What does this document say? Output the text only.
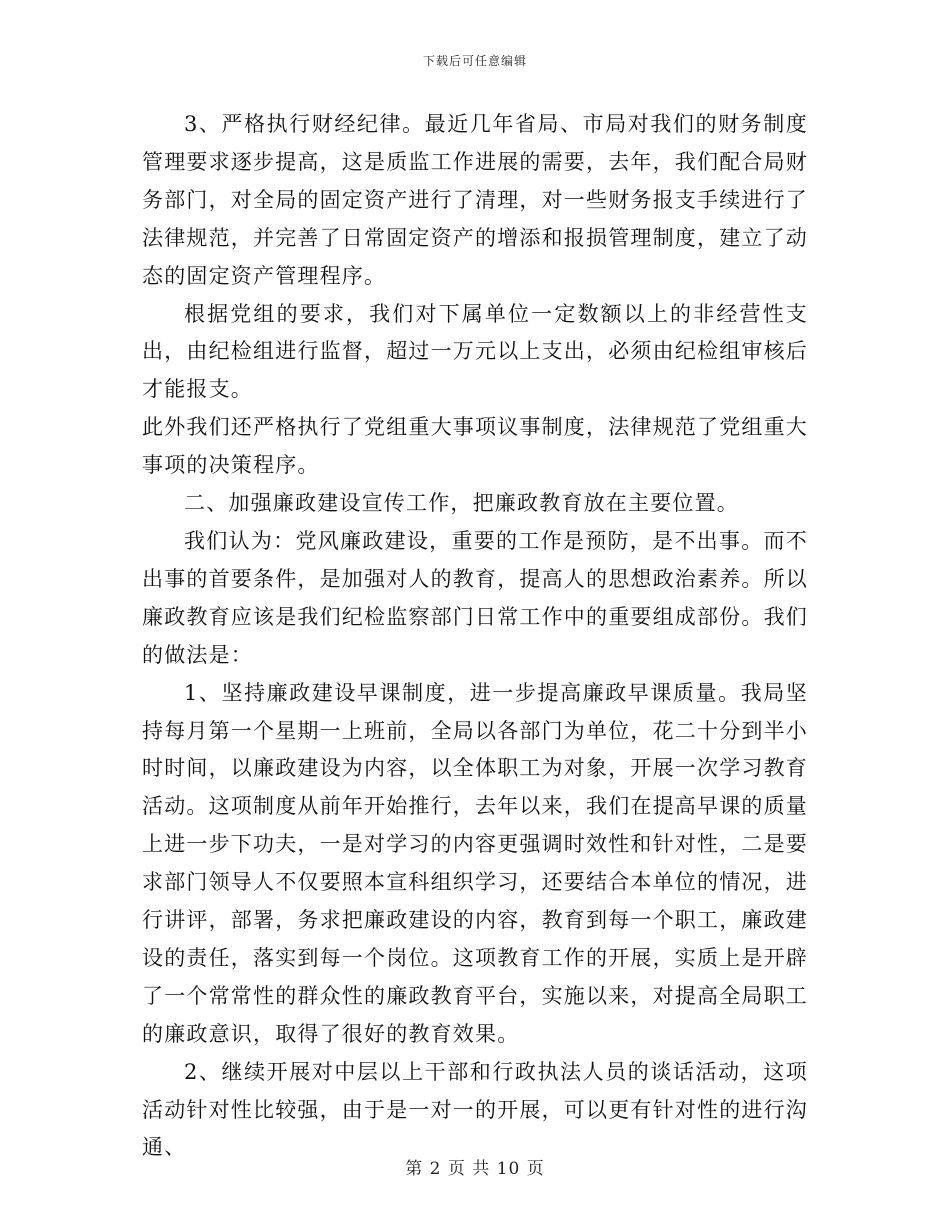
下载后可任意编辑

3、严格执行财经纪律。最近几年省局、市局对我们的财务制度管理要求逐步提高，这是质监工作进展的需要，去年，我们配合局财务部门，对全局的固定资产进行了清理，对一些财务报支手续进行了法律规范，并完善了日常固定资产的增添和报损管理制度，建立了动态的固定资产管理程序。

根据党组的要求，我们对下属单位一定数额以上的非经营性支出，由纪检组进行监督，超过一万元以上支出，必须由纪检组审核后才能报支。

此外我们还严格执行了党组重大事项议事制度，法律规范了党组重大事项的决策程序。

二、加强廉政建设宣传工作，把廉政教育放在主要位置。

我们认为：党风廉政建设，重要的工作是预防，是不出事。而不出事的首要条件，是加强对人的教育，提高人的思想政治素养。所以廉政教育应该是我们纪检监察部门日常工作中的重要组成部份。我们的做法是：

1、坚持廉政建设早课制度，进一步提高廉政早课质量。我局坚持每月第一个星期一上班前，全局以各部门为单位，花二十分到半小时时间，以廉政建设为内容，以全体职工为对象，开展一次学习教育活动。这项制度从前年开始推行，去年以来，我们在提高早课的质量上进一步下功夫，一是对学习的内容更强调时效性和针对性，二是要求部门领导人不仅要照本宣科组织学习，还要结合本单位的情况，进行讲评，部署，务求把廉政建设的内容，教育到每一个职工，廉政建设的责任，落实到每一个岗位。这项教育工作的开展，实质上是开辟了一个常常性的群众性的廉政教育平台，实施以来，对提高全局职工的廉政意识，取得了很好的教育效果。

2、继续开展对中层以上干部和行政执法人员的谈话活动，这项活动针对性比较强，由于是一对一的开展，可以更有针对性的进行沟通、

第 2 页 共 10 页
